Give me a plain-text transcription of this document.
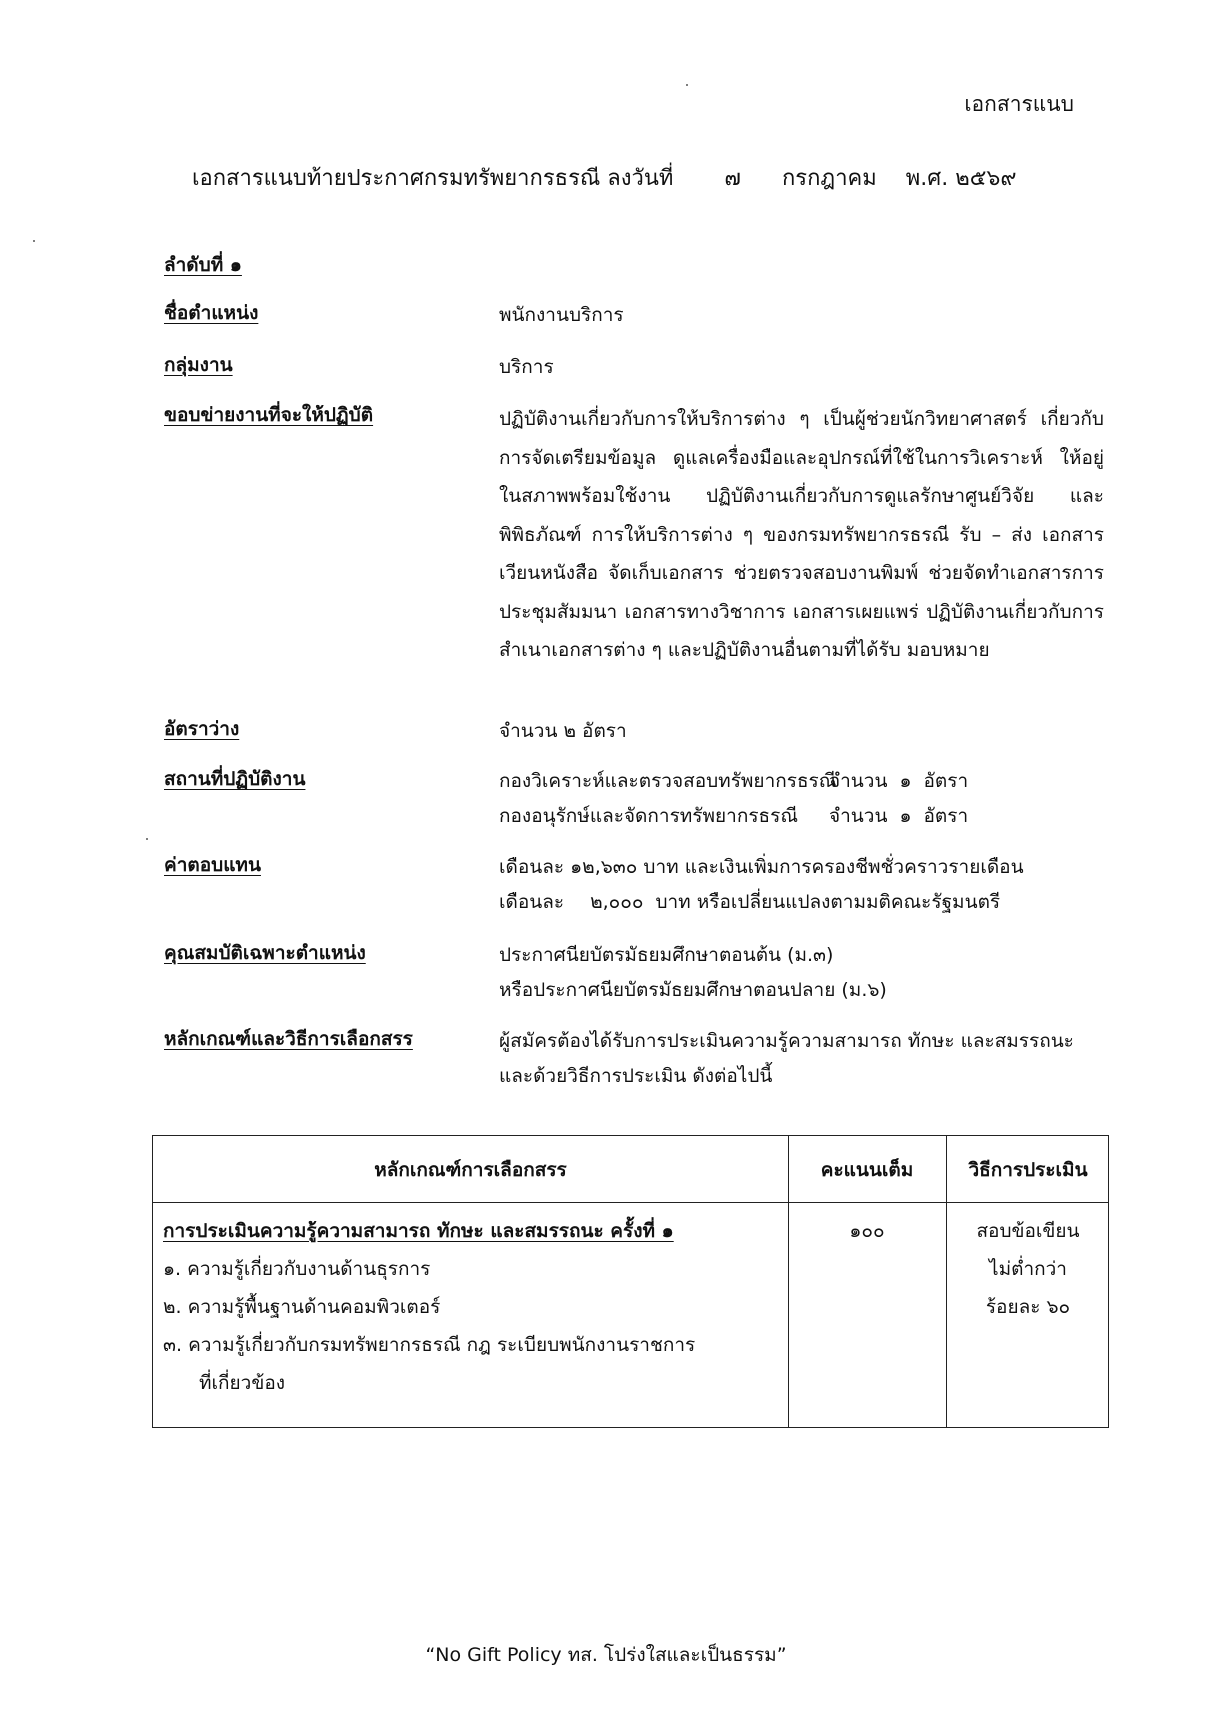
เอกสารแนบ
เอกสารแนบท้ายประกาศกรมทรัพยากรธรณี ลงวันที่ ๗ กรกฎาคม พ.ศ. ๒๕๖๙
ลำดับที่ ๑
ชื่อตำแหน่ง	พนักงานบริการ
กลุ่มงาน	บริการ
ขอบข่ายงานที่จะให้ปฏิบัติ	ปฏิบัติงานเกี่ยวกับการให้บริการต่าง ๆ เป็นผู้ช่วยนักวิทยาศาสตร์ เกี่ยวกับการจัดเตรียมข้อมูล ดูแลเครื่องมือและอุปกรณ์ที่ใช้ในการวิเคราะห์ ให้อยู่ในสภาพพร้อมใช้งาน ปฏิบัติงานเกี่ยวกับการดูแลรักษาศูนย์วิจัย และพิพิธภัณฑ์ การให้บริการต่าง ๆ ของกรมทรัพยากรธรณี รับ – ส่ง เอกสาร เวียนหนังสือ จัดเก็บเอกสาร ช่วยตรวจสอบงานพิมพ์ ช่วยจัดทำเอกสารการประชุมสัมมนา เอกสารทางวิชาการ เอกสารเผยแพร่ ปฏิบัติงานเกี่ยวกับการสำเนาเอกสารต่าง ๆ และปฏิบัติงานอื่นตามที่ได้รับ มอบหมาย
อัตราว่าง	จำนวน ๒ อัตรา
สถานที่ปฏิบัติงาน	กองวิเคราะห์และตรวจสอบทรัพยากรธรณีจำนวน ๑ อัตรา
กองอนุรักษ์และจัดการทรัพยากรธรณี จำนวน ๑ อัตรา
ค่าตอบแทน	เดือนละ ๑๒,๖๓๐ บาท และเงินเพิ่มการครองชีพชั่วคราวรายเดือน
เดือนละ ๒,๐๐๐ บาท หรือเปลี่ยนแปลงตามมติคณะรัฐมนตรี
คุณสมบัติเฉพาะตำแหน่ง	ประกาศนียบัตรมัธยมศึกษาตอนต้น (ม.๓)
หรือประกาศนียบัตรมัธยมศึกษาตอนปลาย (ม.๖)
หลักเกณฑ์และวิธีการเลือกสรร	ผู้สมัครต้องได้รับการประเมินความรู้ความสามารถ ทักษะ และสมรรถนะ
และด้วยวิธีการประเมิน ดังต่อไปนี้
หลักเกณฑ์การเลือกสรร	คะแนนเต็ม	วิธีการประเมิน
การประเมินความรู้ความสามารถ ทักษะ และสมรรถนะ ครั้งที่ ๑
๑. ความรู้เกี่ยวกับงานด้านธุรการ
๒. ความรู้พื้นฐานด้านคอมพิวเตอร์
๓. ความรู้เกี่ยวกับกรมทรัพยากรธรณี กฎ ระเบียบพนักงานราชการ
ที่เกี่ยวข้อง
๑๐๐	สอบข้อเขียน
ไม่ต่ำกว่า
ร้อยละ ๖๐
“No Gift Policy ทส. โปร่งใสและเป็นธรรม”
